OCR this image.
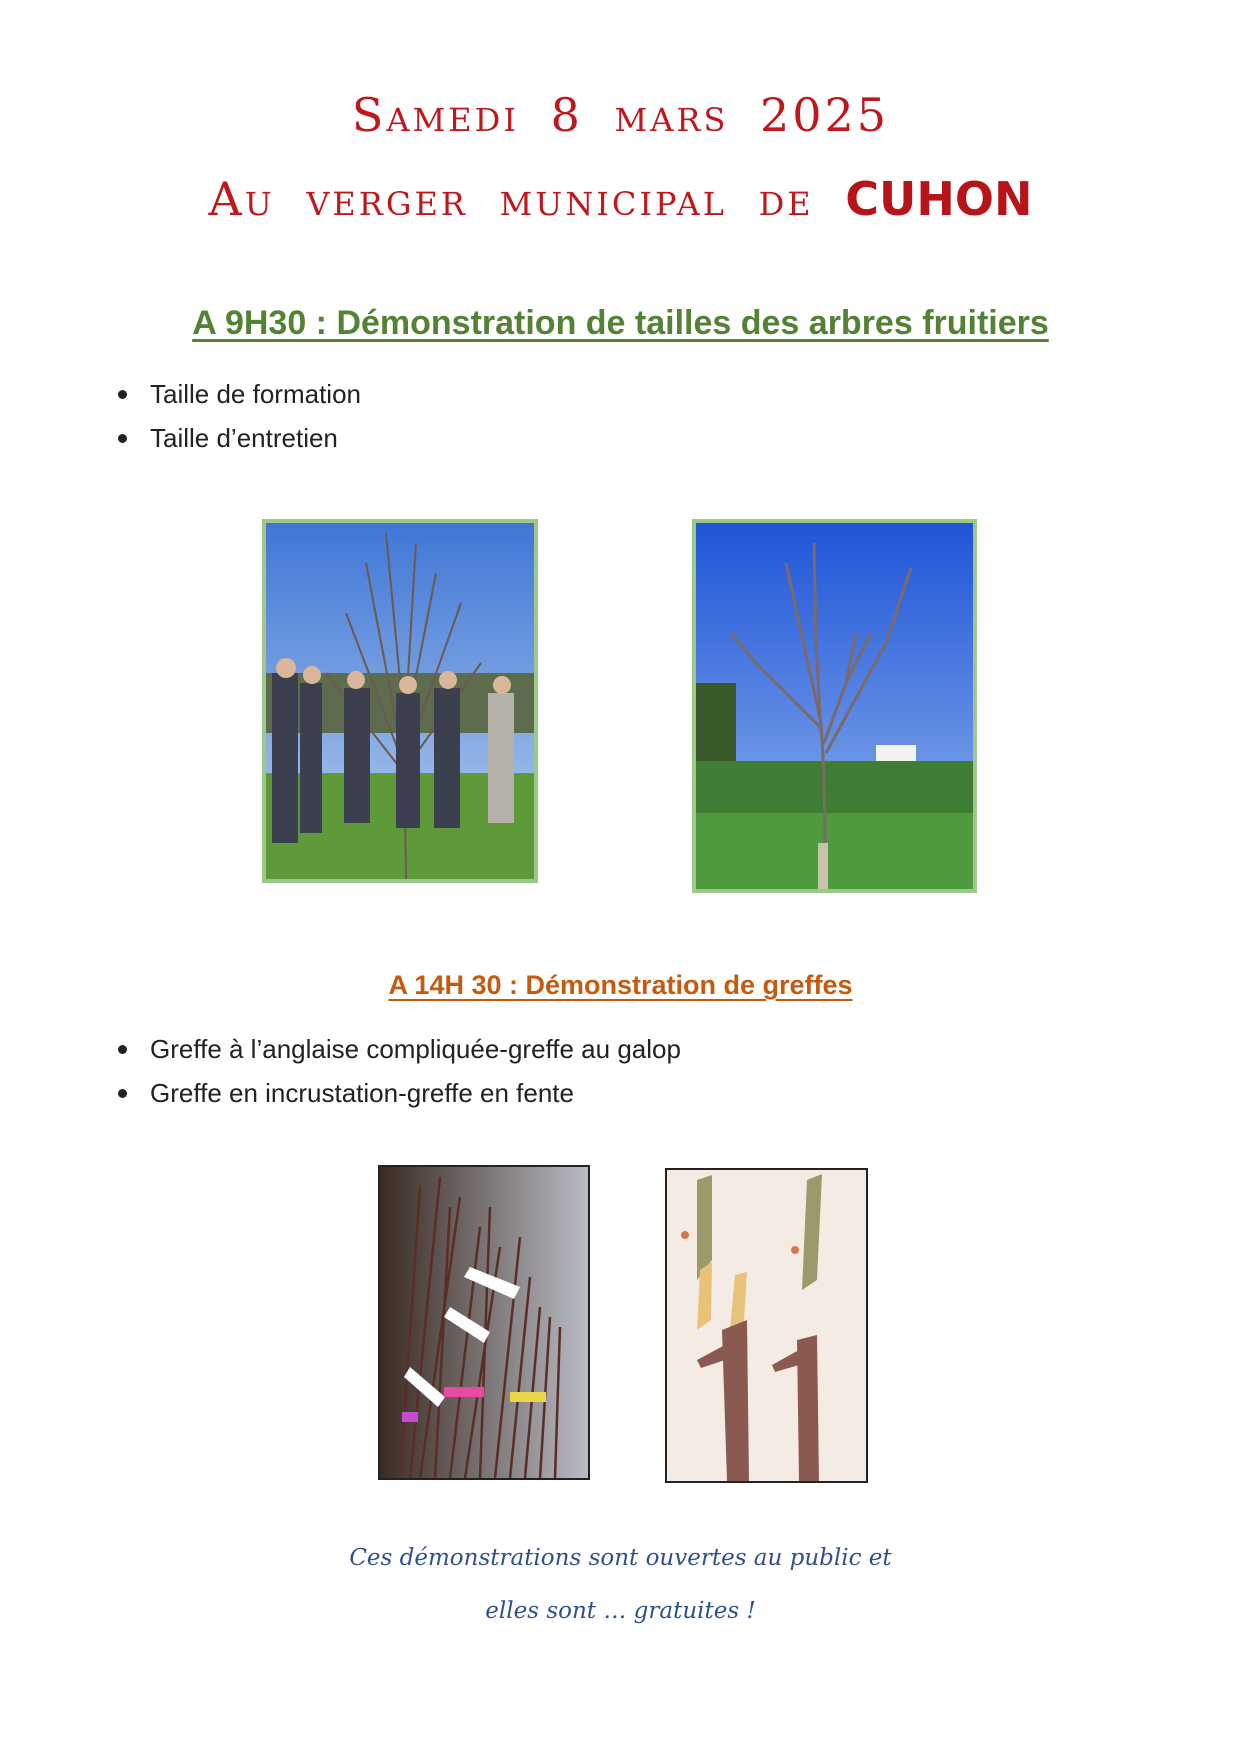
Samedi 8 mars 2025
Au verger municipal de CUHON
A 9H30 : Démonstration de tailles des arbres fruitiers
Taille de formation
Taille d’entretien
A 14H 30 : Démonstration de greffes
Greffe à l’anglaise compliquée-greffe au galop
Greffe en incrustation-greffe en fente
Ces démonstrations sont ouvertes au public et
elles sont … gratuites !
